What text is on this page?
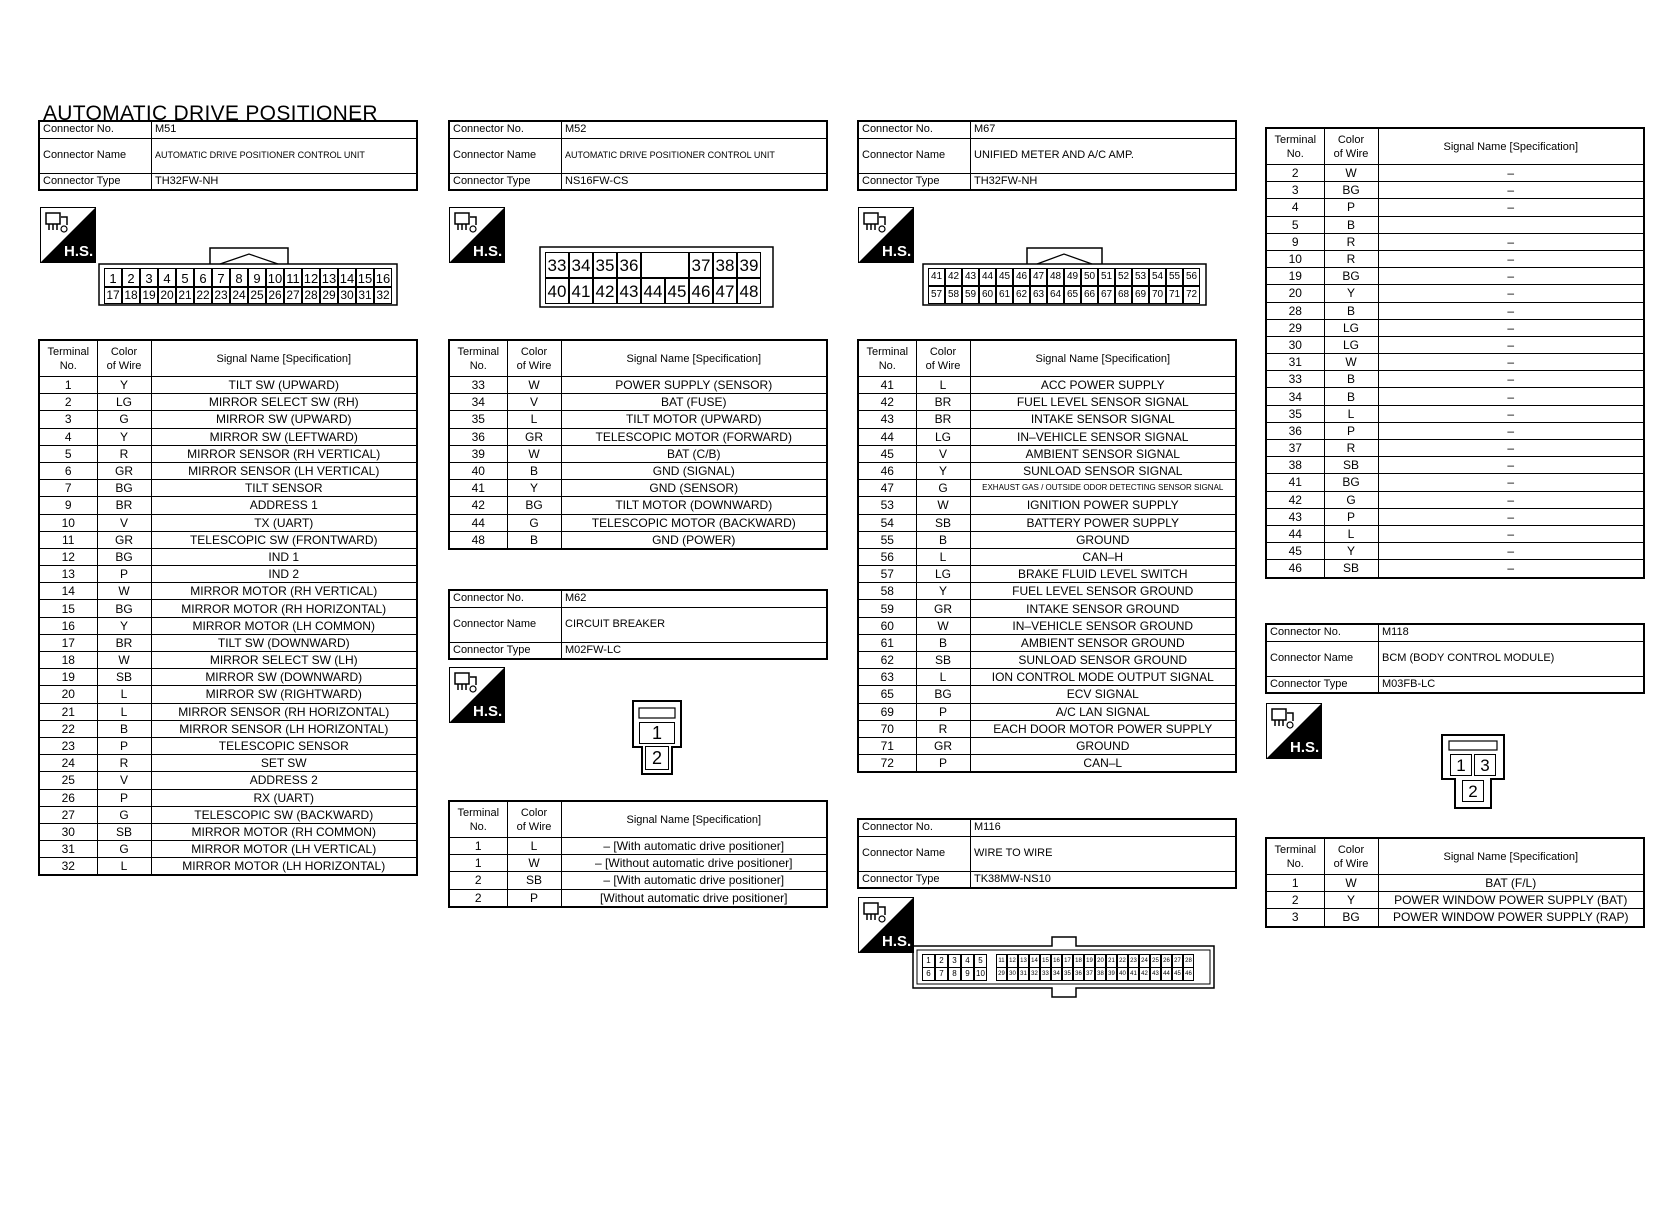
AUTOMATIC DRIVE POSITIONER
Connector No.	M51
Connector Name	AUTOMATIC DRIVE POSITIONER CONTROL UNIT
Connector Type	TH32FW-NH
Connector No.	M52
Connector Name	AUTOMATIC DRIVE POSITIONER CONTROL UNIT
Connector Type	NS16FW-CS
Connector No.	M67
Connector Name	UNIFIED METER AND A/C AMP.
Connector Type	TH32FW-NH
Connector No.	M62
Connector Name	CIRCUIT BREAKER
Connector Type	M02FW-LC
Connector No.	M116
Connector Name	WIRE TO WIRE
Connector Type	TK38MW-NS10
Connector No.	M118
Connector Name	BCM (BODY CONTROL MODULE)
Connector Type	M03FB-LC
H.S.	H.S.	H.S.
H.S.
H.S.
H.S.
1 2 3 4 5 6 7 8 9 10 11 12 13 14 15 16
17 18 19 20 21 22 23 24 25 26 27 28 29 30 31 32
33 34 35 36	37 38 39
40 41 42 43 44 45 46 47 48
41 42 43 44 45 46 47 48 49 50 51 52 53 54 55 56
57 58 59 60 61 62 63 64 65 66 67 68 69 70 71 72
1
2
1	2	3	4	5
6	7	8	9 10
11 12 13 14 15 16 17 18 19 20 21 22 23 24 25 26 27 28
29 30 31 32 33 34 35 36 37 38 39 40 41 42 43 44 45 46
1 3
2
Terminal
No.	Color
of Wire	Signal Name [Specification]
1	Y	TILT SW (UPWARD)
2	LG	MIRROR SELECT SW (RH)
3	G	MIRROR SW (UPWARD)
4	Y	MIRROR SW (LEFTWARD)
5	R	MIRROR SENSOR (RH VERTICAL)
6	GR	MIRROR SENSOR (LH VERTICAL)
7	BG	TILT SENSOR
9	BR	ADDRESS 1
10	V	TX (UART)
11	GR	TELESCOPIC SW (FRONTWARD)
12	BG	IND 1
13	P	IND 2
14	W	MIRROR MOTOR (RH VERTICAL)
15	BG	MIRROR MOTOR (RH HORIZONTAL)
16	Y	MIRROR MOTOR (LH COMMON)
17	BR	TILT SW (DOWNWARD)
18	W	MIRROR SELECT SW (LH)
19	SB	MIRROR SW (DOWNWARD)
20	L	MIRROR SW (RIGHTWARD)
21	L	MIRROR SENSOR (RH HORIZONTAL)
22	B	MIRROR SENSOR (LH HORIZONTAL)
23	P	TELESCOPIC SENSOR
24	R	SET SW
25	V	ADDRESS 2
26	P	RX (UART)
27	G	TELESCOPIC SW (BACKWARD)
30	SB	MIRROR MOTOR (RH COMMON)
31	G	MIRROR MOTOR (LH VERTICAL)
32	L	MIRROR MOTOR (LH HORIZONTAL)
Terminal
No.	Color
of Wire	Signal Name [Specification]
33	W	POWER SUPPLY (SENSOR)
34	V	BAT (FUSE)
35	L	TILT MOTOR (UPWARD)
36	GR	TELESCOPIC MOTOR (FORWARD)
39	W	BAT (C/B)
40	B	GND (SIGNAL)
41	Y	GND (SENSOR)
42	BG	TILT MOTOR (DOWNWARD)
44	G	TELESCOPIC MOTOR (BACKWARD)
48	B	GND (POWER)
Terminal
No.	Color
of Wire	Signal Name [Specification]
1	L	– [With automatic drive positioner]
1	W	– [Without automatic drive positioner]
2	SB	– [With automatic drive positioner]
2	P	[Without automatic drive positioner]
Terminal
No.	Color
of Wire	Signal Name [Specification]
41	L	ACC POWER SUPPLY
42	BR	FUEL LEVEL SENSOR SIGNAL
43	BR	INTAKE SENSOR SIGNAL
44	LG	IN–VEHICLE SENSOR SIGNAL
45	V	AMBIENT SENSOR SIGNAL
46	Y	SUNLOAD SENSOR SIGNAL
47	G	EXHAUST GAS / OUTSIDE ODOR DETECTING SENSOR SIGNAL
53	W	IGNITION POWER SUPPLY
54	SB	BATTERY POWER SUPPLY
55	B	GROUND
56	L	CAN–H
57	LG	BRAKE FLUID LEVEL SWITCH
58	Y	FUEL LEVEL SENSOR GROUND
59	GR	INTAKE SENSOR GROUND
60	W	IN–VEHICLE SENSOR GROUND
61	B	AMBIENT SENSOR GROUND
62	SB	SUNLOAD SENSOR GROUND
63	L	ION CONTROL MODE OUTPUT SIGNAL
65	BG	ECV SIGNAL
69	P	A/C LAN SIGNAL
70	R	EACH DOOR MOTOR POWER SUPPLY
71	GR	GROUND
72	P	CAN–L
Terminal
No.	Color
of Wire	Signal Name [Specification]
2	W	–
3	BG	–
4	P	–
5	B	
9	R	–
10	R	–
19	BG	–
20	Y	–
28	B	–
29	LG	–
30	LG	–
31	W	–
33	B	–
34	B	–
35	L	–
36	P	–
37	R	–
38	SB	–
41	BG	–
42	G	–
43	P	–
44	L	–
45	Y	–
46	SB	–
Terminal
No.	Color
of Wire	Signal Name [Specification]
1	W	BAT (F/L)
2	Y	POWER WINDOW POWER SUPPLY (BAT)
3	BG	POWER WINDOW POWER SUPPLY (RAP)
